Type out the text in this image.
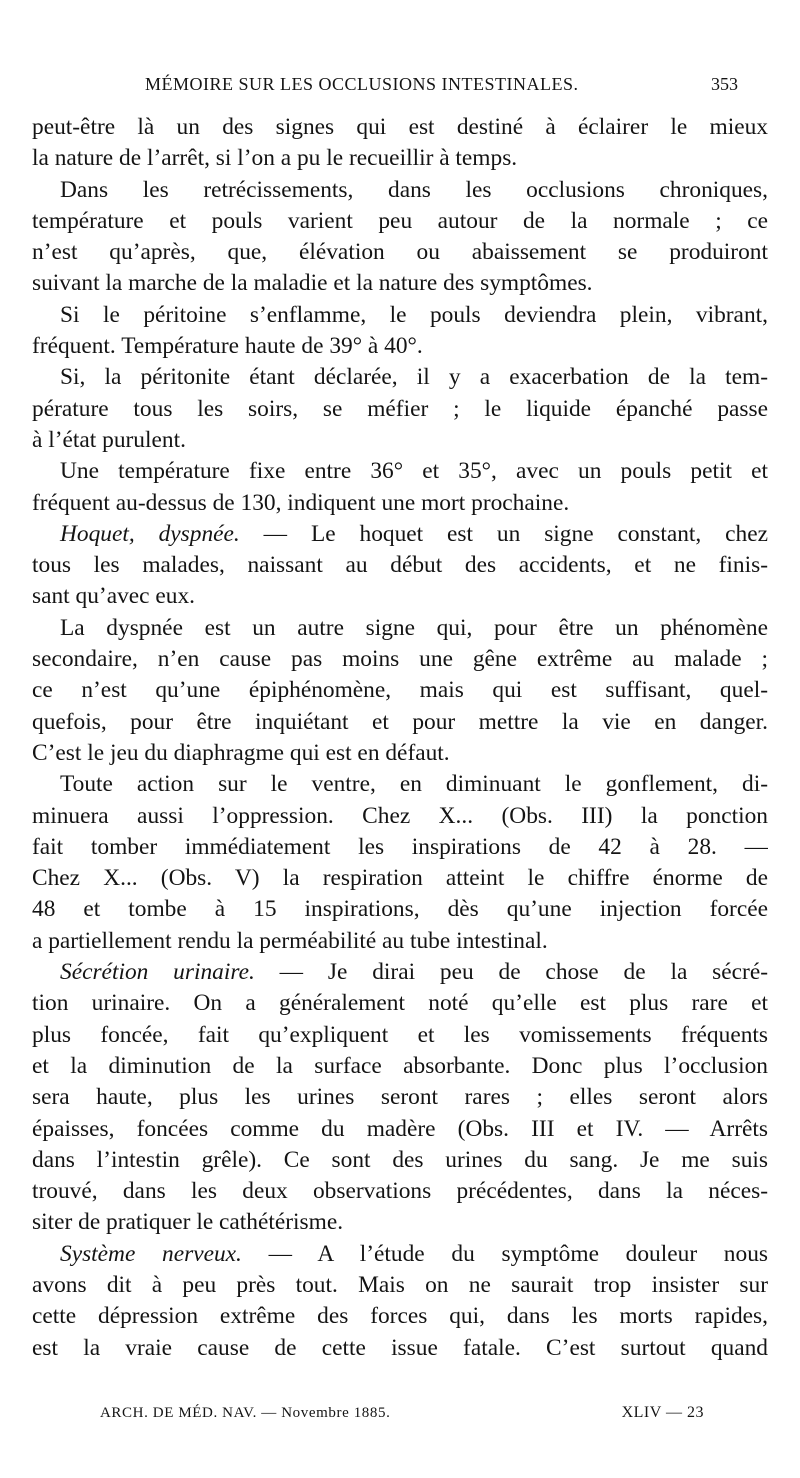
MÉMOIRE SUR LES OCCLUSIONS INTESTINALES.	353
peut-être là un des signes qui est destiné à éclairer le mieux
la nature de l’arrêt, si l’on a pu le recueillir à temps.
Dans les retrécissements, dans les occlusions chroniques,
température et pouls varient peu autour de la normale ; ce
n’est qu’après, que, élévation ou abaissement se produiront
suivant la marche de la maladie et la nature des symptômes.
Si le péritoine s’enflamme, le pouls deviendra plein, vibrant,
fréquent. Température haute de 39° à 40°.
Si, la péritonite étant déclarée, il y a exacerbation de la tem-
pérature tous les soirs, se méfier ; le liquide épanché passe
à l’état purulent.
Une température fixe entre 36° et 35°, avec un pouls petit et
fréquent au-dessus de 130, indiquent une mort prochaine.
Hoquet, dyspnée. — Le hoquet est un signe constant, chez
tous les malades, naissant au début des accidents, et ne finis-
sant qu’avec eux.
La dyspnée est un autre signe qui, pour être un phénomène
secondaire, n’en cause pas moins une gêne extrême au malade ;
ce n’est qu’une épiphénomène, mais qui est suffisant, quel-
quefois, pour être inquiétant et pour mettre la vie en danger.
C’est le jeu du diaphragme qui est en défaut.
Toute action sur le ventre, en diminuant le gonflement, di-
minuera aussi l’oppression. Chez X... (Obs. III) la ponction
fait tomber immédiatement les inspirations de 42 à 28. —
Chez X... (Obs. V) la respiration atteint le chiffre énorme de
48 et tombe à 15 inspirations, dès qu’une injection forcée
a partiellement rendu la perméabilité au tube intestinal.
Sécrétion urinaire. — Je dirai peu de chose de la sécré-
tion urinaire. On a généralement noté qu’elle est plus rare et
plus foncée, fait qu’expliquent et les vomissements fréquents
et la diminution de la surface absorbante. Donc plus l’occlusion
sera haute, plus les urines seront rares ; elles seront alors
épaisses, foncées comme du madère (Obs. III et IV. — Arrêts
dans l’intestin grêle). Ce sont des urines du sang. Je me suis
trouvé, dans les deux observations précédentes, dans la néces-
siter de pratiquer le cathétérisme.
Système nerveux. — A l’étude du symptôme douleur nous
avons dit à peu près tout. Mais on ne saurait trop insister sur
cette dépression extrême des forces qui, dans les morts rapides,
est la vraie cause de cette issue fatale. C’est surtout quand
ARCH. DE MÉD. NAV. — Novembre 1885.	XLIV — 23
